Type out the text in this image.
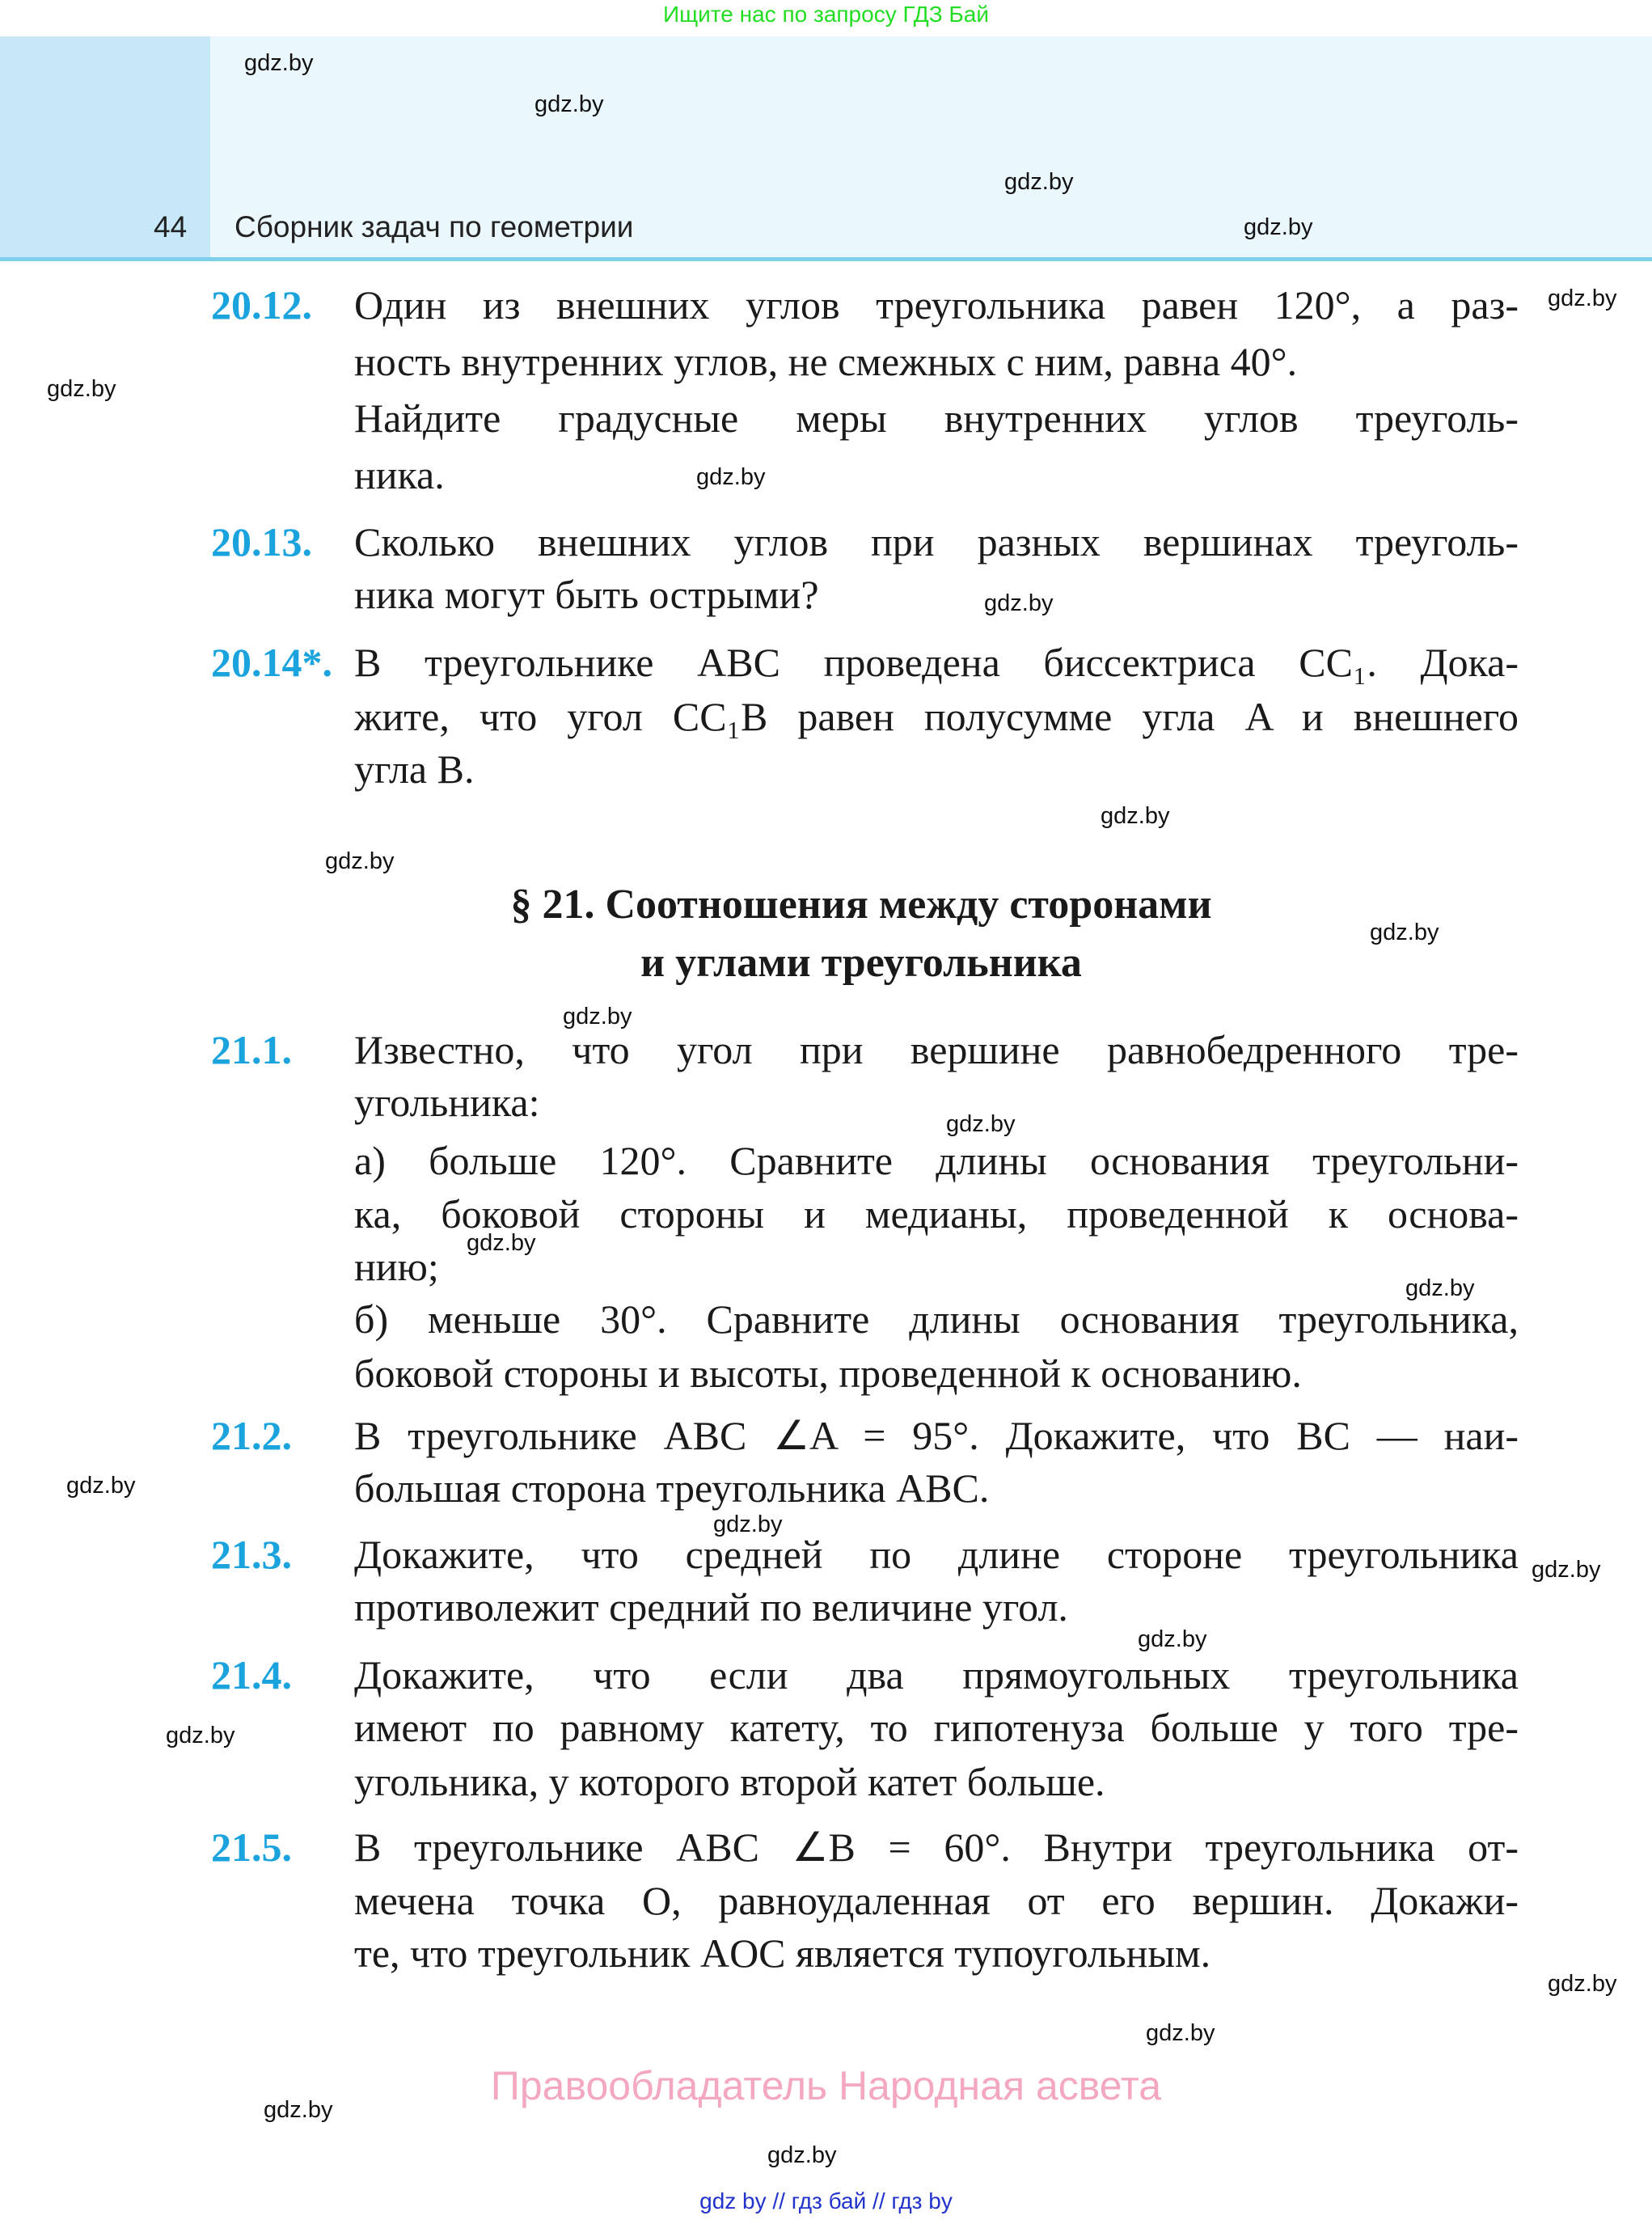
Ищите нас по запросу ГДЗ Бай
44 Сборник задач по геометрии
§ 21. Соотношения между сторонами
и углами треугольника
20.12. Один из внешних углов треугольника равен 120°, а раз-
ность внутренних углов, не смежных с ним, равна 40°.
Найдите градусные меры внутренних углов треуголь-
ника.
20.13. Сколько внешних углов при разных вершинах треуголь-
ника могут быть острыми?
20.14*. В треугольнике ABC проведена биссектриса CC₁. Дока-
жите, что угол CC₁B равен полусумме угла A и внешнего
угла B.
21.1. Известно, что угол при вершине равнобедренного тре-
угольника:
а) больше 120°. Сравните длины основания треугольни-
ка, боковой стороны и медианы, проведенной к основа-
нию;
б) меньше 30°. Сравните длины основания треугольника,
боковой стороны и высоты, проведенной к основанию.
21.2. В треугольнике ABC ∠A = 95°. Докажите, что BC — наи-
большая сторона треугольника ABC.
21.3. Докажите, что средней по длине стороне треугольника
противолежит средний по величине угол.
21.4. Докажите, что если два прямоугольных треугольника
имеют по равному катету, то гипотенуза больше у того тре-
угольника, у которого второй катет больше.
21.5. В треугольнике ABC ∠B = 60°. Внутри треугольника от-
мечена точка O, равноудаленная от его вершин. Докажи-
те, что треугольник AOC является тупоугольным.
Правообладатель Народная асвета
gdz by // гдз бай // гдз by
gdz.by
gdz.by
gdz.by
gdz.by
gdz.by
gdz.by
gdz.by
gdz.by
gdz.by
gdz.by
gdz.by
gdz.by
gdz.by
gdz.by
gdz.by
gdz.by
gdz.by
gdz.by
gdz.by
gdz.by
gdz.by
gdz.by
gdz.by
gdz.by
